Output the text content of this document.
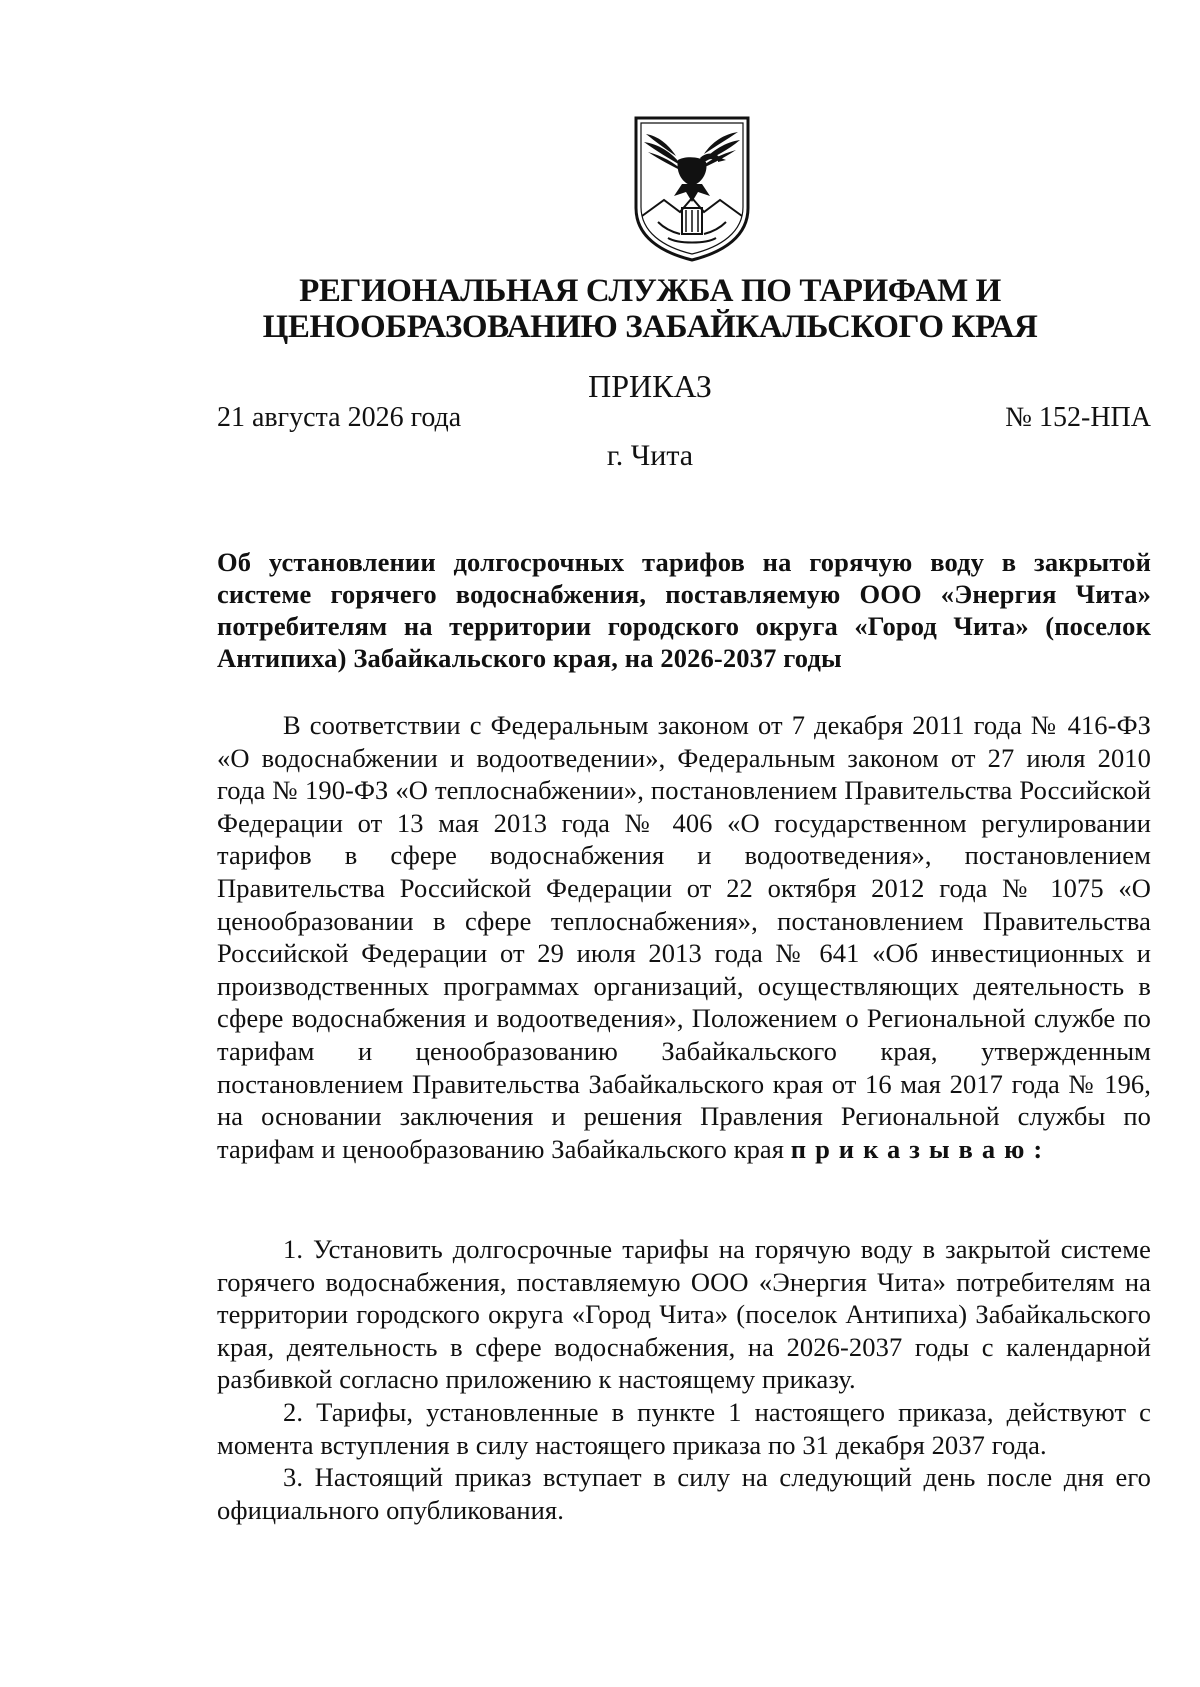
РЕГИОНАЛЬНАЯ СЛУЖБА ПО ТАРИФАМ И
ЦЕНООБРАЗОВАНИЮ ЗАБАЙКАЛЬСКОГО КРАЯ
ПРИКАЗ
21 августа 2026 года	№ 152-НПА
г. Чита
Об установлении долгосрочных тарифов на горячую воду в закрытой системе горячего водоснабжения, поставляемую ООО «Энергия Чита» потребителям на территории городского округа «Город Чита» (поселок Антипиха) Забайкальского края, на 2026-2037 годы

В соответствии с Федеральным законом от 7 декабря 2011 года № 416-ФЗ «О водоснабжении и водоотведении», Федеральным законом от 27 июля 2010 года № 190-ФЗ «О теплоснабжении», постановлением Правительства Российской Федерации от 13 мая 2013 года № 406 «О государственном регулировании тарифов в сфере водоснабжения и водоотведения», постановлением Правительства Российской Федерации от 22 октября 2012 года № 1075 «О ценообразовании в сфере теплоснабжения», постановлением Правительства Российской Федерации от 29 июля 2013 года № 641 «Об инвестиционных и производственных программах организаций, осуществляющих деятельность в сфере водоснабжения и водоотведения», Положением о Региональной службе по тарифам и ценообразованию Забайкальского края, утвержденным постановлением Правительства Забайкальского края от 16 мая 2017 года № 196, на основании заключения и решения Правления Региональной службы по тарифам и ценообразованию Забайкальского края приказываю:

1. Установить долгосрочные тарифы на горячую воду в закрытой системе горячего водоснабжения, поставляемую ООО «Энергия Чита» потребителям на территории городского округа «Город Чита» (поселок Антипиха) Забайкальского края, деятельность в сфере водоснабжения, на 2026-2037 годы с календарной разбивкой согласно приложению к настоящему приказу.

2. Тарифы, установленные в пункте 1 настоящего приказа, действуют с момента вступления в силу настоящего приказа по 31 декабря 2037 года.

3. Настоящий приказ вступает в силу на следующий день после дня его официального опубликования.
